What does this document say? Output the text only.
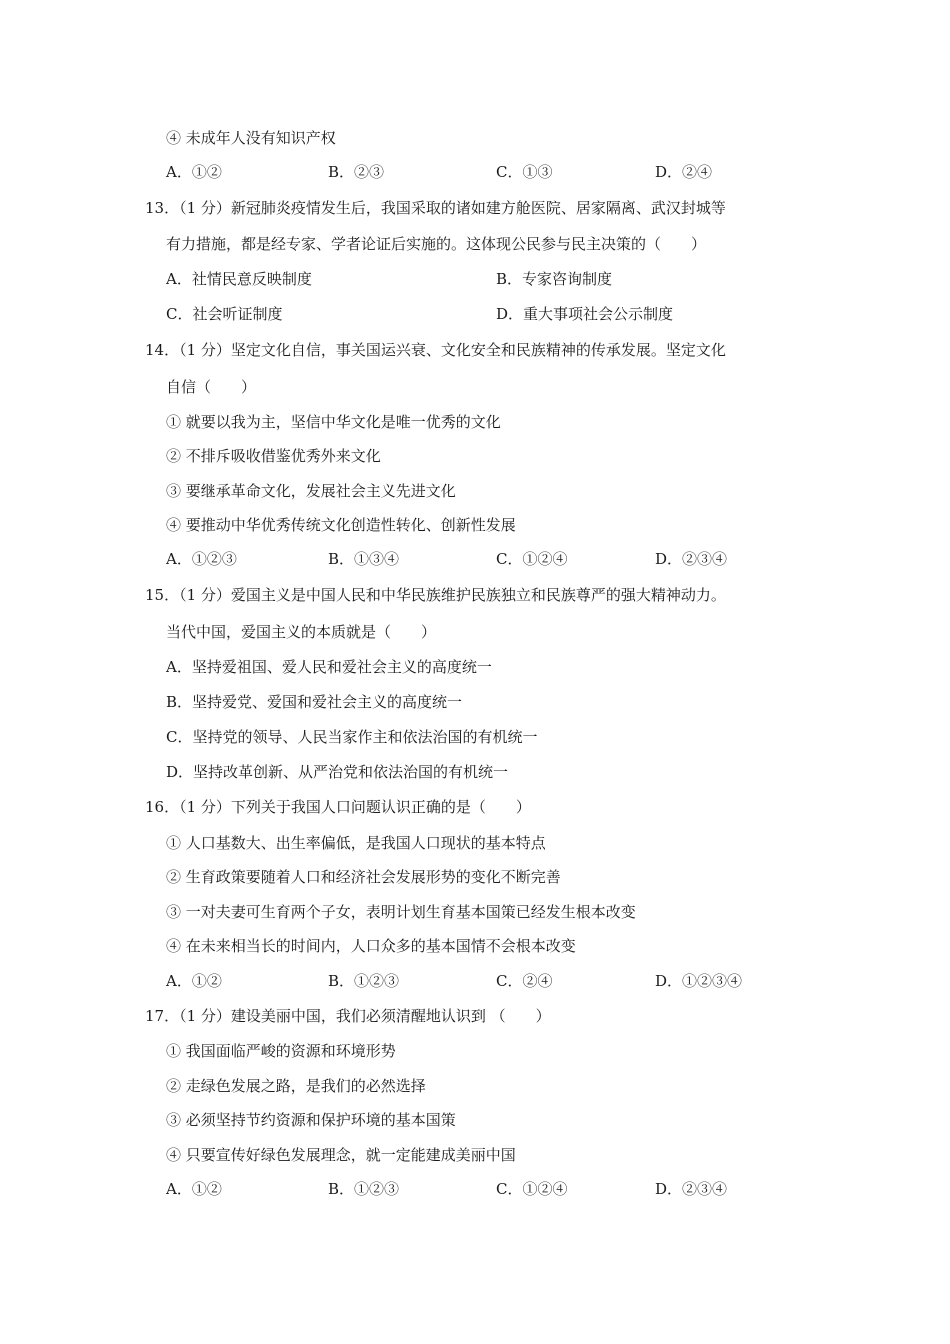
④ 未成年人没有知识产权
A．①②	B．②③	C．①③	D．②④
13．（1 分）新冠肺炎疫情发生后，我国采取的诸如建方舱医院、居家隔离、武汉封城等
有力措施，都是经专家、学者论证后实施的。这体现公民参与民主决策的（　　）
A．社情民意反映制度	B．专家咨询制度
C．社会听证制度	D．重大事项社会公示制度
14．（1 分）坚定文化自信，事关国运兴衰、文化安全和民族精神的传承发展。坚定文化
自信（　　）
① 就要以我为主，坚信中华文化是唯一优秀的文化
② 不排斥吸收借鉴优秀外来文化
③ 要继承革命文化，发展社会主义先进文化
④ 要推动中华优秀传统文化创造性转化、创新性发展
A．①②③	B．①③④	C．①②④	D．②③④
15．（1 分）爱国主义是中国人民和中华民族维护民族独立和民族尊严的强大精神动力。
当代中国，爱国主义的本质就是（　　）
A．坚持爱祖国、爱人民和爱社会主义的高度统一
B．坚持爱党、爱国和爱社会主义的高度统一
C．坚持党的领导、人民当家作主和依法治国的有机统一
D．坚持改革创新、从严治党和依法治国的有机统一
16．（1 分）下列关于我国人口问题认识正确的是（　　）
① 人口基数大、出生率偏低，是我国人口现状的基本特点
② 生育政策要随着人口和经济社会发展形势的变化不断完善
③ 一对夫妻可生育两个子女，表明计划生育基本国策已经发生根本改变
④ 在未来相当长的时间内，人口众多的基本国情不会根本改变
A．①②	B．①②③	C．②④	D．①②③④
17．（1 分）建设美丽中国，我们必须清醒地认识到 （　　）
① 我国面临严峻的资源和环境形势
② 走绿色发展之路，是我们的必然选择
③ 必须坚持节约资源和保护环境的基本国策
④ 只要宣传好绿色发展理念，就一定能建成美丽中国
A．①②	B．①②③	C．①②④	D．②③④
